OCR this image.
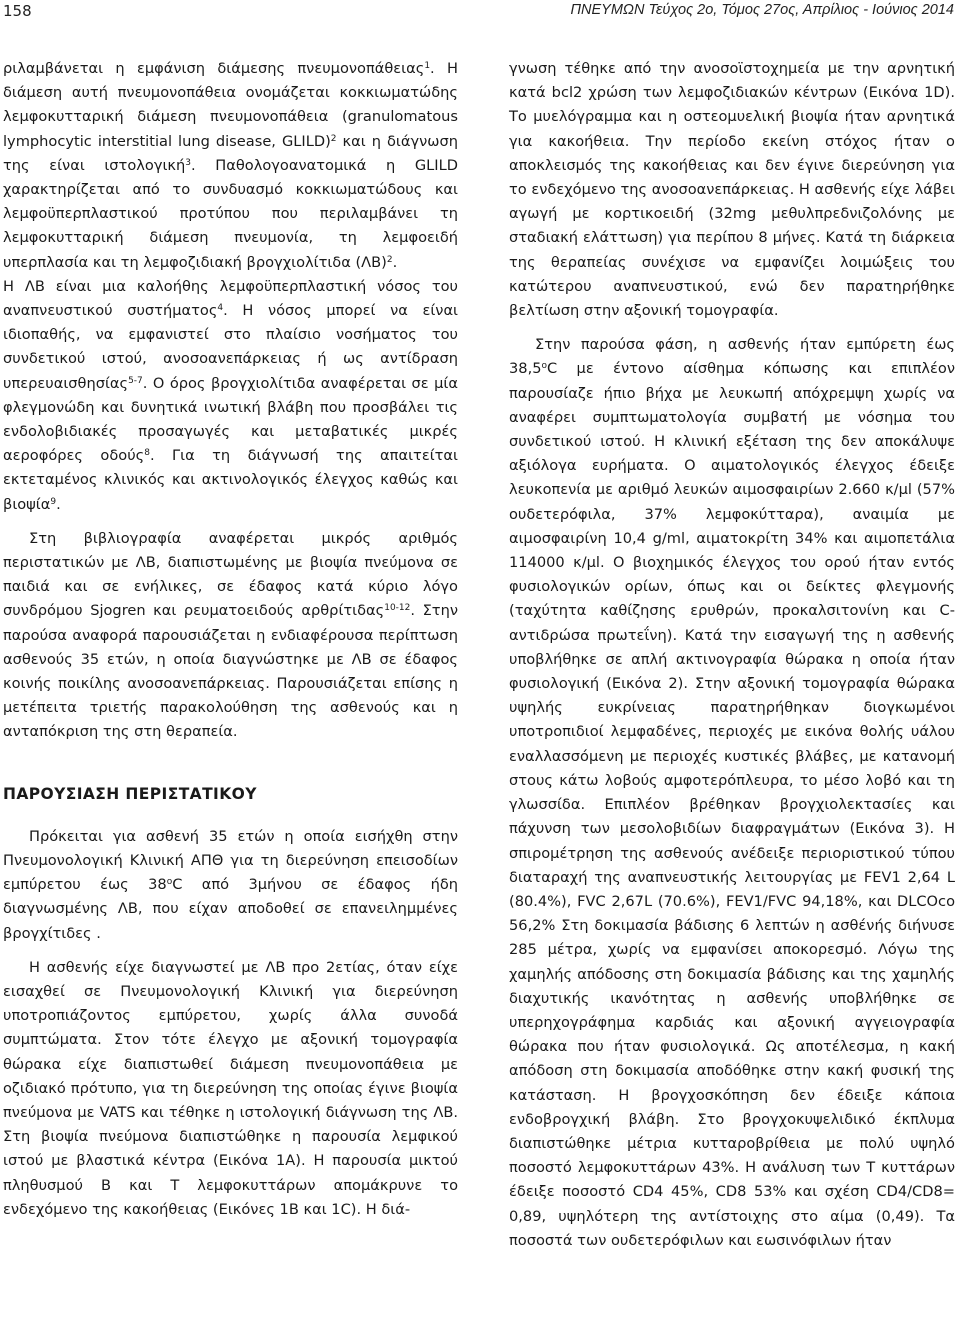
158	ΠΝΕΥΜΩΝ Τεύχος 2ο, Τόμος 27ος, Απρίλιος - Ιούνιος 2014

ριλαμβάνεται η εμφάνιση διάμεσης πνευμονοπάθειας$^1$. Η διάμεση αυτή πνευμονοπάθεια ονομάζεται κοκκιωματώδης λεμφοκυτταρική διάμεση πνευμονοπάθεια (granulomatous lymphocytic interstitial lung disease, GLILD)$^2$ και η διάγνωση της είναι ιστολογική$^3$. Παθολογοανατομικά η GLILD χαρακτηρίζεται από το συνδυασμό κοκκιωματώδους και λεμφοϋπερπλαστικού προτύπου που περιλαμβάνει τη λεμφοκυτταρική διάμεση πνευμονία, τη λεμφοειδή υπερπλασία και τη λεμφοζιδιακή βρογχιολίτιδα $(\Lambda B)^2$.

Η ΛΒ είναι μια καλοήθης λεμφοϋπερπλαστική νόσος του αναπνευστικού συστήματος$^4$. Η νόσος μπορεί να είναι ιδιοπαθής, να εμφανιστεί στο πλαίσιο νοσήματος του συνδετικού ιστού, ανοσοανεπάρκειας ή ως αντίδραση υπερευαισθησίας$^{5-7}$. Ο όρος βρογχιολίτιδα αναφέρεται σε μία φλεγμονώδη και δυνητικά ινωτική βλάβη που προσβάλει τις ενδολοβιδιακές προσαγωγές και μεταβατικές μικρές αεροφόρες οδούς$^8$. Για τη διάγνωσή της απαιτείται εκτεταμένος κλινικός και ακτινολογικός έλεγχος καθώς και βιοψία$^9$.

Στη βιβλιογραφία αναφέρεται μικρός αριθμός περιστατικών με ΛΒ, διαπιστωμένης με βιοψία πνεύμονα σε παιδιά και σε ενήλικες, σε έδαφος κατά κύριο λόγο συνδρόμου Sjogren και ρευματοειδούς αρθρίτιδας$^{10-12}$. Στην παρούσα αναφορά παρουσιάζεται η ενδιαφέρουσα περίπτωση ασθενούς 35 ετών, η οποία διαγνώστηκε με ΛΒ σε έδαφος κοινής ποικίλης ανοσοανεπάρκειας. Παρουσιάζεται επίσης η μετέπειτα τριετής παρακολούθηση της ασθενούς και η ανταπόκριση της στη θεραπεία.

ΠΑΡΟΥΣΙΑΣΗ ΠΕΡΙΣΤΑΤΙΚΟΥ

Πρόκειται για ασθενή 35 ετών η οποία εισήχθη στην Πνευμονολογική Κλινική ΑΠΘ για τη διερεύνηση επεισοδίων εμπύρετου έως $38^oC$ από 3μήνου σε έδαφος ήδη διαγνωσμένης ΛΒ, που είχαν αποδοθεί σε επανειλημμένες βρογχίτιδες .

Η ασθενής είχε διαγνωστεί με ΛΒ προ 2ετίας, όταν είχε εισαχθεί σε Πνευμονολογική Κλινική για διερεύνηση υποτροπιάζοντος εμπύρετου, χωρίς άλλα συνοδά συμπτώματα. Στον τότε έλεγχο με αξονική τομογραφία θώρακα είχε διαπιστωθεί διάμεση πνευμονοπάθεια με οζιδιακό πρότυπο, για τη διερεύνηση της οποίας έγινε βιοψία πνεύμονα με VATS και τέθηκε η ιστολογική διάγνωση της ΛΒ. Στη βιοψία πνεύμονα διαπιστώθηκε η παρουσία λεμφικού ιστού με βλαστικά κέντρα (Εικόνα 1Α). Η παρουσία μικτού πληθυσμού Β και Τ λεμφοκυττάρων απομάκρυνε το ενδεχόμενο της κακοήθειας (Εικόνες 1Β και 1C). Η διά-

γνωση τέθηκε από την ανοσοϊστοχημεία με την αρνητική κατά bcl2 χρώση των λεμφοζιδιακών κέντρων (Εικόνα 1D). Το μυελόγραμμα και η οστεομυελική βιοψία ήταν αρνητικά για κακοήθεια. Την περίοδο εκείνη στόχος ήταν ο αποκλεισμός της κακοήθειας και δεν έγινε διερεύνηση για το ενδεχόμενο της ανοσοανεπάρκειας. Η ασθενής είχε λάβει αγωγή με κορτικοειδή (32mg μεθυλπρεδνιζολόνης με σταδιακή ελάττωση) για περίπου 8 μήνες. Κατά τη διάρκεια της θεραπείας συνέχισε να εμφανίζει λοιμώξεις του κατώτερου αναπνευστικού, ενώ δεν παρατηρήθηκε βελτίωση στην αξονική τομογραφία.

Στην παρούσα φάση, η ασθενής ήταν εμπύρετη έως $38,5^oC$ με έντονο αίσθημα κόπωσης και επιπλέον παρουσίαζε ήπιο βήχα με λευκωπή απόχρεμψη χωρίς να αναφέρει συμπτωματολογία συμβατή με νόσημα του συνδετικού ιστού. Η κλινική εξέταση της δεν απoκάλυψε αξιόλογα ευρήματα. Ο αιματολογικός έλεγχος έδειξε λευκοπενία με αριθμό λευκών αιμοσφαιρίων 2.660 κ/μl (57% ουδετερόφιλα, 37% λεμφοκύτταρα), αναιμία με αιμοσφαιρίνη 10,4 g/ml, αιματοκρίτη 34% και αιμοπετάλια 114000 κ/μl. Ο βιοχημικός έλεγχος του ορού ήταν εντός φυσιολογικών ορίων, όπως και οι δείκτες φλεγμονής (ταχύτητα καθίζησης ερυθρών, προκαλσιτονίνη και C-αντιδρώσα πρωτεΐνη). Κατά την εισαγωγή της η ασθενής υποβλήθηκε σε απλή ακτινογραφία θώρακα η οποία ήταν φυσιολογική (Εικόνα 2). Στην αξονική τομογραφία θώρακα υψηλής ευκρίνειας παρατηρήθηκαν διογκωμένοι υποτροπιδιοί λεμφαδένες, περιοχές με εικόνα θολής υάλου εναλλασσόμενη με περιοχές κυστικές βλάβες, με κατανομή στους κάτω λοβούς αμφοτερόπλευρα, το μέσο λοβό και τη γλωσσίδα. Επιπλέον βρέθηκαν βρογχιολεκτασίες και πάχυνση των μεσολοβιδίων διαφραγμάτων (Εικόνα 3). Η σπιρομέτρηση της ασθενούς ανέδειξε περιοριστικού τύπου διαταραχή της αναπνευστικής λειτουργίας με FEV1 2,64 L (80.4%), FVC 2,67L (70.6%), FEV1/FVC 94,18%, και DLCOco 56,2% Στη δοκιμασία βάδισης 6 λεπτών η ασθένής διήνυσε 285 μέτρα, χωρίς να εμφανίσει αποκορεσμό. Λόγω της χαμηλής απόδοσης στη δοκιμασία βάδισης και της χαμηλής διαχυτικής ικανότητας η ασθενής υποβλήθηκε σε υπερηχογράφημα καρδιάς και αξονική αγγειογραφία θώρακα που ήταν φυσιολογικά. Ως αποτέλεσμα, η κακή απόδοση στη δοκιμασία αποδόθηκε στην κακή φυσική της κατάσταση. Η βρογχοσκόπηση δεν έδειξε κάποια ενδοβρογχική βλάβη. Στο βρογχοκυψελιδικό έκπλυμα διαπιστώθηκε μέτρια κυτταροβρίθεια με πολύ υψηλό ποσοστό λεμφοκυττάρων 43%. Η ανάλυση των Τ κυττάρων έδειξε ποσοστό CD4 45%, CD8 53% και σχέση CD4/CD8= 0,89, υψηλότερη της αντίστοιχης στο αίμα (0,49). Τα ποσοστά των ουδετερόφιλων και εωσινόφιλων ήταν
